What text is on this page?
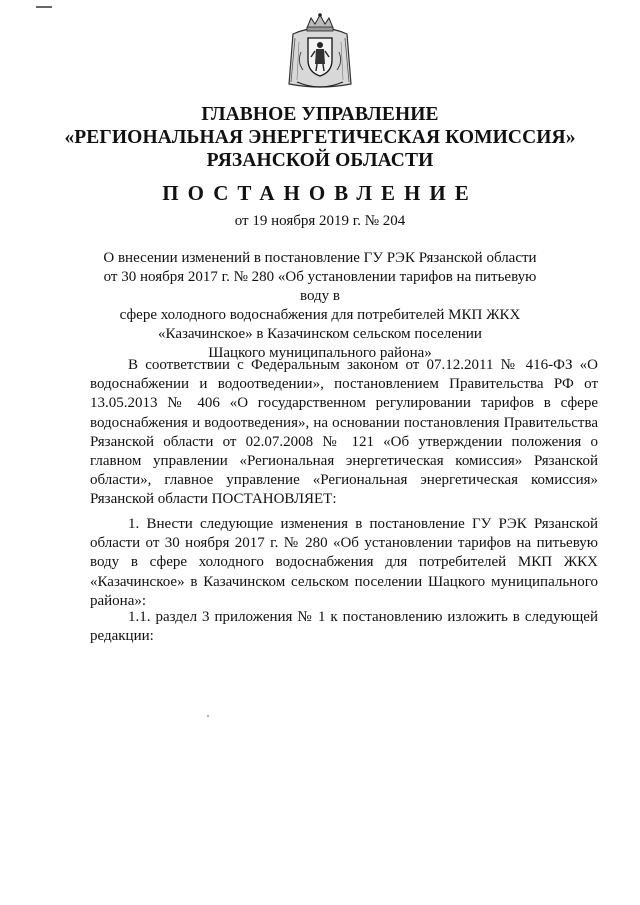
ГЛАВНОЕ УПРАВЛЕНИЕ
«РЕГИОНАЛЬНАЯ ЭНЕРГЕТИЧЕСКАЯ КОМИССИЯ»
РЯЗАНСКОЙ ОБЛАСТИ
ПОСТАНОВЛЕНИЕ
от 19 ноября 2019 г. № 204
О внесении изменений в постановление ГУ РЭК Рязанской области
от 30 ноября 2017 г. № 280 «Об установлении тарифов на питьевую воду в
сфере холодного водоснабжения для потребителей МКП ЖКХ
«Казачинское» в Казачинском сельском поселении
Шацкого муниципального района»

В соответствии с Федеральным законом от 07.12.2011 № 416-ФЗ «О водоснабжении и водоотведении», постановлением Правительства РФ от 13.05.2013 № 406 «О государственном регулировании тарифов в сфере водоснабжения и водоотведения», на основании постановления Правительства Рязанской области от 02.07.2008 № 121 «Об утверждении положения о главном управлении «Региональная энергетическая комиссия» Рязанской области», главное управление «Региональная энергетическая комиссия» Рязанской области ПОСТАНОВЛЯЕТ:

1. Внести следующие изменения в постановление ГУ РЭК Рязанской области от 30 ноября 2017 г. № 280 «Об установлении тарифов на питьевую воду в сфере холодного водоснабжения для потребителей МКП ЖКХ «Казачинское» в Казачинском сельском поселении Шацкого муниципального района»:

1.1. раздел 3 приложения № 1 к постановлению изложить в следующей редакции:
